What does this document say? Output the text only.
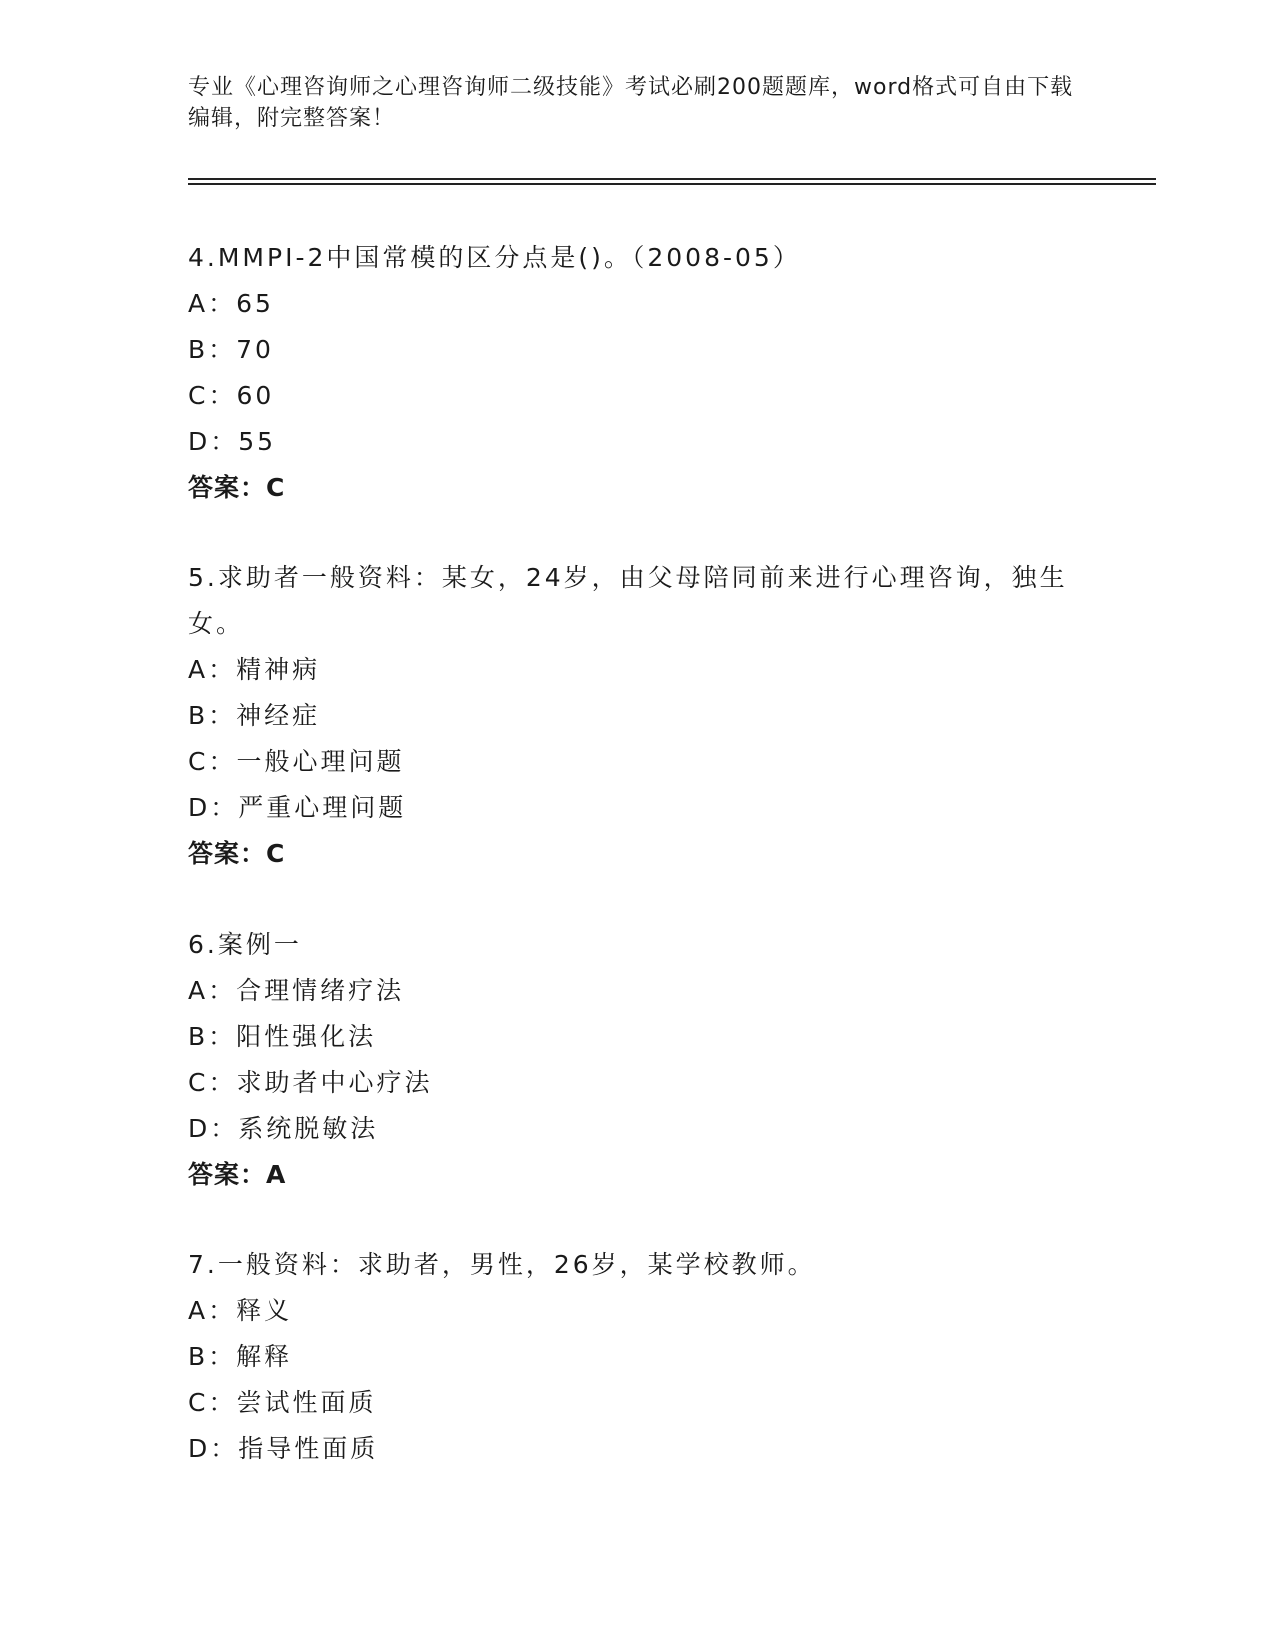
专业《心理咨询师之心理咨询师二级技能》考试必刷200题题库，word格式可自由下载编辑，附完整答案！
4.MMPI-2中国常模的区分点是()。（2008-05）
A：65
B：70
C：60
D：55
答案：C
5.求助者一般资料：某女，24岁，由父母陪同前来进行心理咨询，独生女。
A：精神病
B：神经症
C：一般心理问题
D：严重心理问题
答案：C
6.案例一
A：合理情绪疗法
B：阳性强化法
C：求助者中心疗法
D：系统脱敏法
答案：A
7.一般资料：求助者，男性，26岁，某学校教师。
A：释义
B：解释
C：尝试性面质
D：指导性面质
